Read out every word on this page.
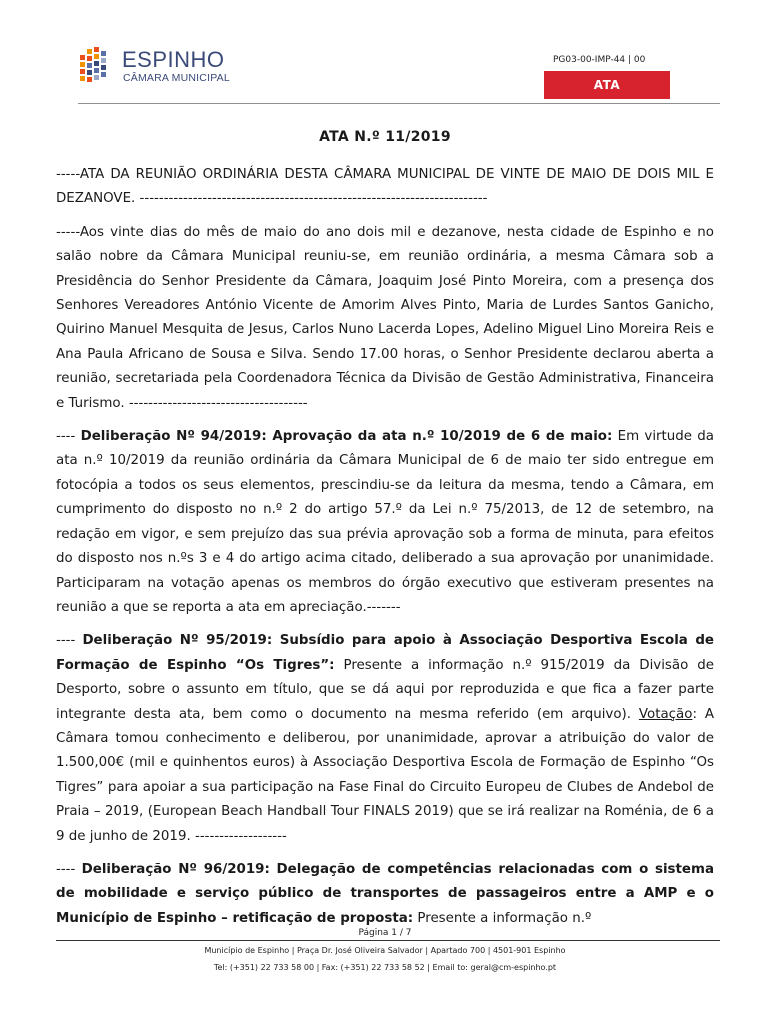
ESPINHO
CÂMARA MUNICIPAL
PG03-00-IMP-44 | 00
ATA
ATA N.º 11/2019

-----ATA DA REUNIÃO ORDINÁRIA DESTA CÂMARA MUNICIPAL DE VINTE DE MAIO DE DOIS MIL E DEZANOVE. ------------------------------------------------------------------------

-----Aos vinte dias do mês de maio do ano dois mil e dezanove, nesta cidade de Espinho e no salão nobre da Câmara Municipal reuniu-se, em reunião ordinária, a mesma Câmara sob a Presidência do Senhor Presidente da Câmara, Joaquim José Pinto Moreira, com a presença dos Senhores Vereadores António Vicente de Amorim Alves Pinto, Maria de Lurdes Santos Ganicho, Quirino Manuel Mesquita de Jesus, Carlos Nuno Lacerda Lopes, Adelino Miguel Lino Moreira Reis e Ana Paula Africano de Sousa e Silva. Sendo 17.00 horas, o Senhor Presidente declarou aberta a reunião, secretariada pela Coordenadora Técnica da Divisão de Gestão Administrativa, Financeira e Turismo. -------------------------------------

---- Deliberação Nº 94/2019: Aprovação da ata n.º 10/2019 de 6 de maio: Em virtude da ata n.º 10/2019 da reunião ordinária da Câmara Municipal de 6 de maio ter sido entregue em fotocópia a todos os seus elementos, prescindiu-se da leitura da mesma, tendo a Câmara, em cumprimento do disposto no n.º 2 do artigo 57.º da Lei n.º 75/2013, de 12 de setembro, na redação em vigor, e sem prejuízo das sua prévia aprovação sob a forma de minuta, para efeitos do disposto nos n.ºs 3 e 4 do artigo acima citado, deliberado a sua aprovação por unanimidade. Participaram na votação apenas os membros do órgão executivo que estiveram presentes na reunião a que se reporta a ata em apreciação.-------

---- Deliberação Nº 95/2019: Subsídio para apoio à Associação Desportiva Escola de Formação de Espinho “Os Tigres”: Presente a informação n.º 915/2019 da Divisão de Desporto, sobre o assunto em título, que se dá aqui por reproduzida e que fica a fazer parte integrante desta ata, bem como o documento na mesma referido (em arquivo). Votação: A Câmara tomou conhecimento e deliberou, por unanimidade, aprovar a atribuição do valor de 1.500,00€ (mil e quinhentos euros) à Associação Desportiva Escola de Formação de Espinho “Os Tigres” para apoiar a sua participação na Fase Final do Circuito Europeu de Clubes de Andebol de Praia – 2019, (European Beach Handball Tour FINALS 2019) que se irá realizar na Roménia, de 6 a 9 de junho de 2019. -------------------

---- Deliberação Nº 96/2019: Delegação de competências relacionadas com o sistema de mobilidade e serviço público de transportes de passageiros entre a AMP e o Município de Espinho – retificação de proposta: Presente a informação n.º

Página 1 / 7
Município de Espinho | Praça Dr. José Oliveira Salvador | Apartado 700 | 4501-901 Espinho
Tel: (+351) 22 733 58 00 | Fax: (+351) 22 733 58 52 | Email to: geral@cm-espinho.pt
